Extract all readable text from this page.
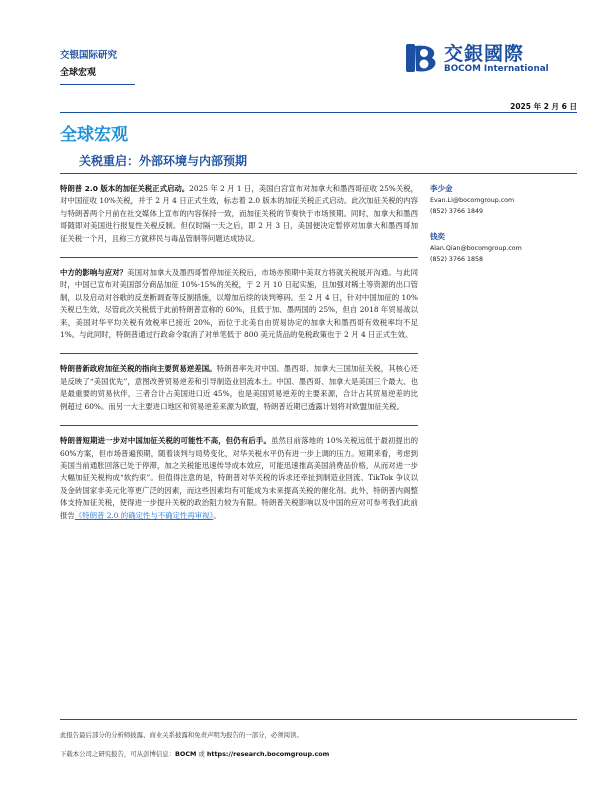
交银国际研究
全球宏观
交銀國際
BOCOM International
2025 年 2 月 6 日
全球宏观
关税重启：外部环境与内部预期

特朗普 2.0 版本的加征关税正式启动。2025 年 2 月 1 日，美国白宫宣布对加拿大和墨西哥征收 25%关税，对中国征收 10%关税，并于 2 月 4 日正式生效，标志着 2.0 版本的加征关税正式启动。此次加征关税的内容与特朗普两个月前在社交媒体上宣布的内容保持一致，而加征关税的节奏快于市场预期。同时，加拿大和墨西哥随即对美国进行报复性关税反制。但仅时隔一天之后，即 2 月 3 日，美国便决定暂停对加拿大和墨西哥加征关税一个月，且称三方就移民与毒品管制等问题达成协议。

中方的影响与应对？美国对加拿大及墨西哥暂停加征关税后，市场亦预期中美双方将就关税展开沟通。与此同时，中国已宣布对美国部分商品加征 10%-15%的关税，于 2 月 10 日起实施，且加强对稀土等资源的出口管制，以及启动对谷歌的反垄断调查等反制措施，以增加后续的谈判筹码。至 2 月 4 日，针对中国加征的 10%关税已生效，尽管此次关税低于此前特朗普宣称的 60%，且低于加、墨两国的 25%，但自 2018 年贸易战以来，美国对华平均关税有效税率已接近 20%，而位于北美自由贸易协定的加拿大和墨西哥有效税率均不足 1%。与此同时，特朗普通过行政命令取消了对单笔低于 800 美元货品的免税政策也于 2 月 4 日正式生效。

特朗普新政府加征关税的指向主要贸易逆差国。特朗普率先对中国、墨西哥、加拿大三国加征关税，其核心还是反映了“美国优先”，意图改善贸易逆差和引导制造业回流本土。中国、墨西哥、加拿大是美国三个最大、也是最重要的贸易伙伴，三者合计占美国进口近 45%，也是美国贸易逆差的主要来源，合计占其贸易逆差的比例超过 60%。而另一大主要进口地区和贸易逆差来源为欧盟，特朗普近期已透露计划将对欧盟加征关税。

特朗普短期进一步对中国加征关税的可能性不高，但仍有后手。虽然目前落地的 10%关税远低于最初提出的 60%方案，但市场普遍预期，随着谈判与局势变化，对华关税水平仍有进一步上调的压力。短期来看，考虑到美国当前通胀回落已处于停滞，加之关税能迅速传导成本效应，可能迅速推高美国消费品价格，从而对进一步大幅加征关税构成“软约束”。但值得注意的是，特朗普对华关税的诉求还牵扯到制造业回流、TikTok 争议以及金砖国家非美元化等更广泛的因素，而这些因素均有可能成为未来提高关税的催化剂。此外，特朗普内阁整体支持加征关税，使得进一步提升关税的政治阻力较为有限。特朗普关税影响以及中国的应对可参考我们此前报告《特朗普 2.0 的确定性与不确定性再审视》。

李少金
Evan.Li@bocomgroup.com
(852) 3766 1849
钱奕
Alan.Qian@bocomgroup.com
(852) 3766 1858
此报告最后部分的分析师披露、商业关系披露和免责声明为报告的一部分，必须阅读。
下载本公司之研究报告，可从彭博信息：BOCM 或 https://research.bocomgroup.com
